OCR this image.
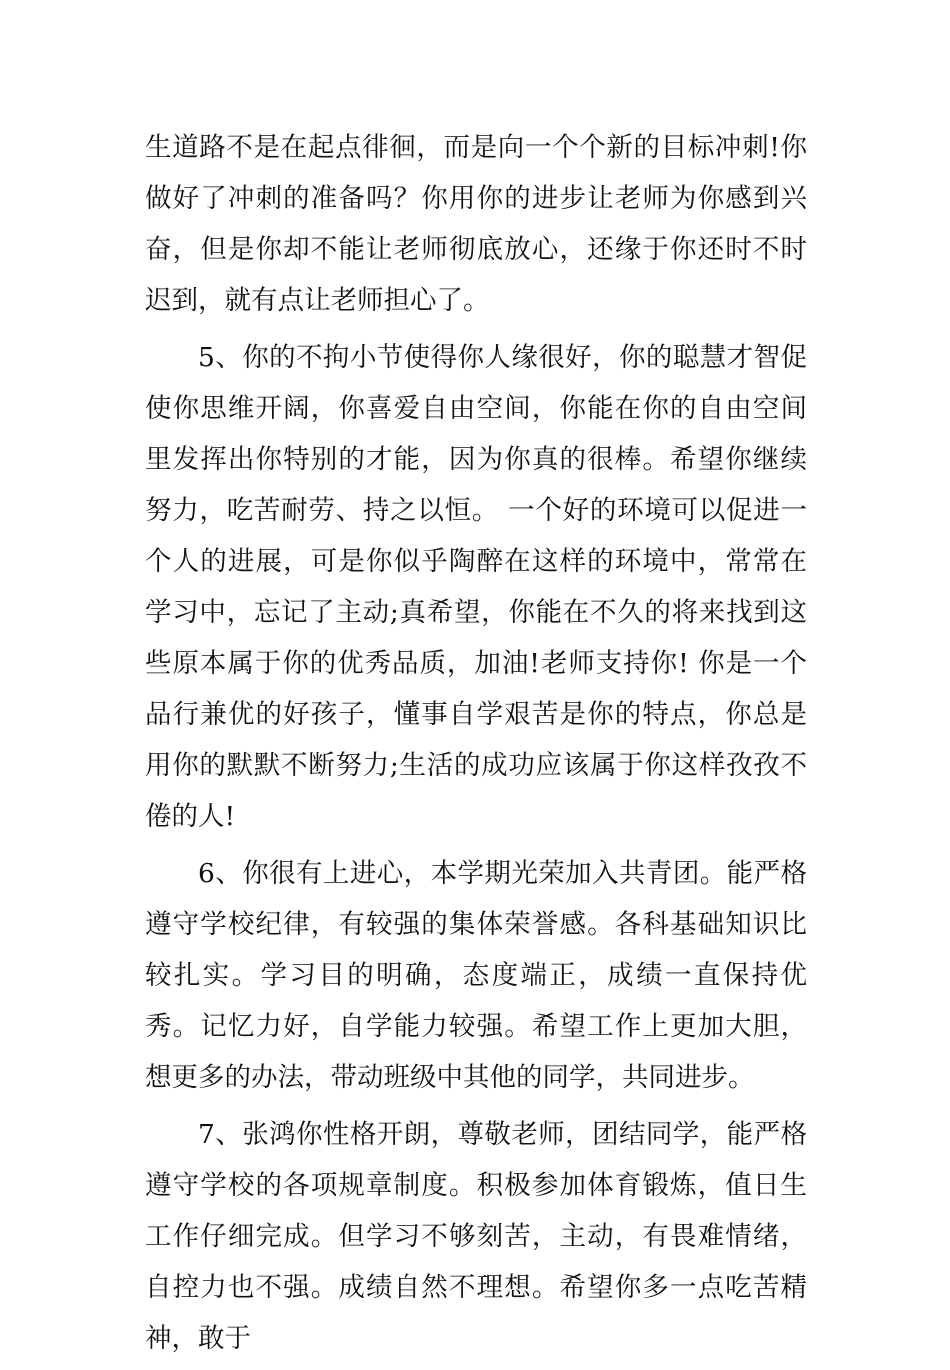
生道路不是在起点徘徊，而是向一个个新的目标冲刺!你做好了冲刺的准备吗？你用你的进步让老师为你感到兴奋，但是你却不能让老师彻底放心，还缘于你还时不时迟到，就有点让老师担心了。

5、你的不拘小节使得你人缘很好，你的聪慧才智促使你思维开阔，你喜爱自由空间，你能在你的自由空间里发挥出你特别的才能，因为你真的很棒。希望你继续努力，吃苦耐劳、持之以恒。 一个好的环境可以促进一个人的进展，可是你似乎陶醉在这样的环境中，常常在学习中，忘记了主动;真希望，你能在不久的将来找到这些原本属于你的优秀品质，加油!老师支持你! 你是一个品行兼优的好孩子，懂事自学艰苦是你的特点，你总是用你的默默不断努力;生活的成功应该属于你这样孜孜不倦的人!

6、你很有上进心，本学期光荣加入共青团。能严格遵守学校纪律，有较强的集体荣誉感。各科基础知识比较扎实。学习目的明确，态度端正，成绩一直保持优秀。记忆力好，自学能力较强。希望工作上更加大胆，想更多的办法，带动班级中其他的同学，共同进步。

7、张鸿你性格开朗，尊敬老师，团结同学，能严格遵守学校的各项规章制度。积极参加体育锻炼，值日生工作仔细完成。但学习不够刻苦，主动，有畏难情绪，自控力也不强。成绩自然不理想。希望你多一点吃苦精神，敢于
